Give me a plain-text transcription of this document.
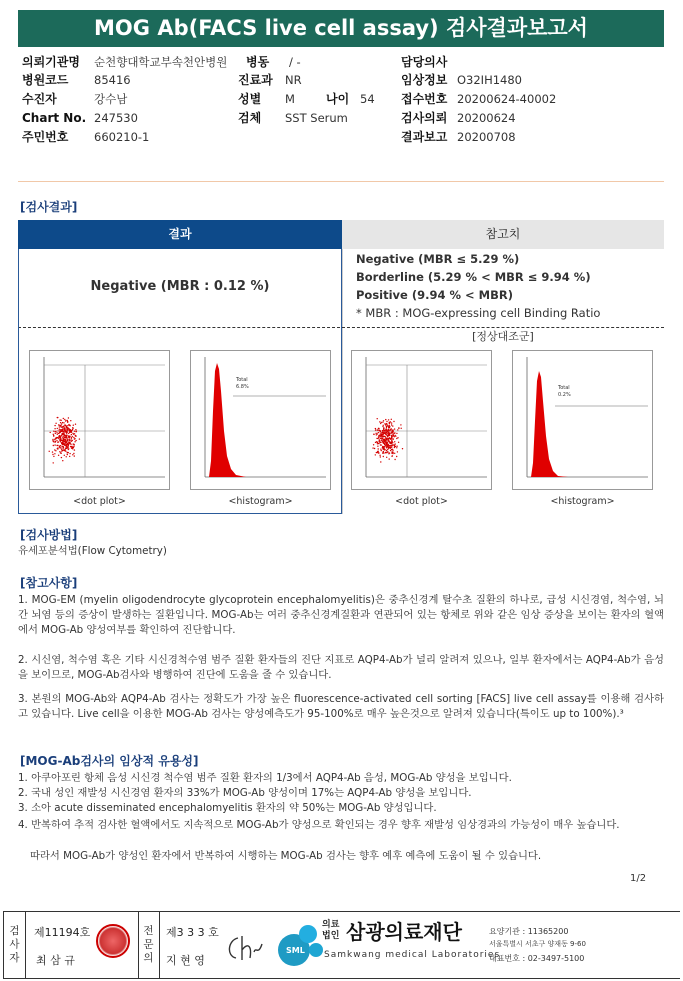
MOG Ab(FACS live cell assay) 검사결과보고서
의뢰기관명 순천향대학교부속천안병원 병동 / -	담당의사
병원코드 85416	진료과 NR	임상정보 O32IH1480
수진자	강수남	성별 M	나이 54 접수번호 20200624-40002
Chart No. 247530	검체 SST Serum	검사의뢰 20200624
주민번호 660210-1	결과보고 20200708
[검사결과]
참고치
결과
Negative (MBR : 0.12 %)
Negative (MBR ≤ 5.29 %)
Borderline (5.29 % < MBR ≤ 9.94 %)
Positive (9.94 % < MBR)
* MBR : MOG-expressing cell Binding Ratio
[정상대조군]
<dot plot>
Total
6.8%
<histogram>	<dot plot>
Total
0.2%
<histogram>
[검사방법]
유세포분석법(Flow Cytometry)
[참고사항]
1. MOG-EM (myelin oligodendrocyte glycoprotein encephalomyelitis)은 중추신경계 탈수초 질환의 하나로, 급성 시신경염, 척수염, 뇌간 뇌염 등의 증상이 발생하는 질환입니다. MOG-Ab는 여러 중추신경계질환과 연관되어 있는 항체로 위와 같은 임상 증상을 보이는 환자의 혈액에서 MOG-Ab 양성여부를 확인하여 진단합니다.
2. 시신염, 척수염 혹은 기타 시신경척수염 범주 질환 환자들의 진단 지표로 AQP4-Ab가 널리 알려져 있으나, 일부 환자에서는 AQP4-Ab가 음성을 보이므로, MOG-Ab검사와 병행하여 진단에 도움을 줄 수 있습니다.
3. 본원의 MOG-Ab와 AQP4-Ab 검사는 정확도가 가장 높은 fluorescence-activated cell sorting [FACS] live cell assay를 이용해 검사하고 있습니다. Live cell을 이용한 MOG-Ab 검사는 양성예측도가 95-100%로 매우 높은것으로 알려져 있습니다(특이도 up to 100%).³
[MOG-Ab검사의 임상적 유용성]
1. 아쿠아포린 항체 음성 시신경 척수염 범주 질환 환자의 1/3에서 AQP4-Ab 음성, MOG-Ab 양성을 보입니다.
2. 국내 성인 재발성 시신경염 환자의 33%가 MOG-Ab 양성이며 17%는 AQP4-Ab 양성을 보입니다.
3. 소아 acute disseminated encephalomyelitis 환자의 약 50%는 MOG-Ab 양성입니다.
4. 반복하여 추적 검사한 혈액에서도 지속적으로 MOG-Ab가 양성으로 확인되는 경우 향후 재발성 임상경과의 가능성이 매우 높습니다.
따라서 MOG-Ab가 양성인 환자에서 반복하여 시행하는 MOG-Ab 검사는 향후 예후 예측에 도움이 될 수 있습니다.
1/2
검사자	제11194호
최 삼 규	전문의	제3 3 3 호
지 현 영
SML
의료법인 삼광의료재단
Samkwang medical Laboratories
요양기관 : 11365200
서울특별시 서초구 양재동 9-60
대표번호 : 02-3497-5100
